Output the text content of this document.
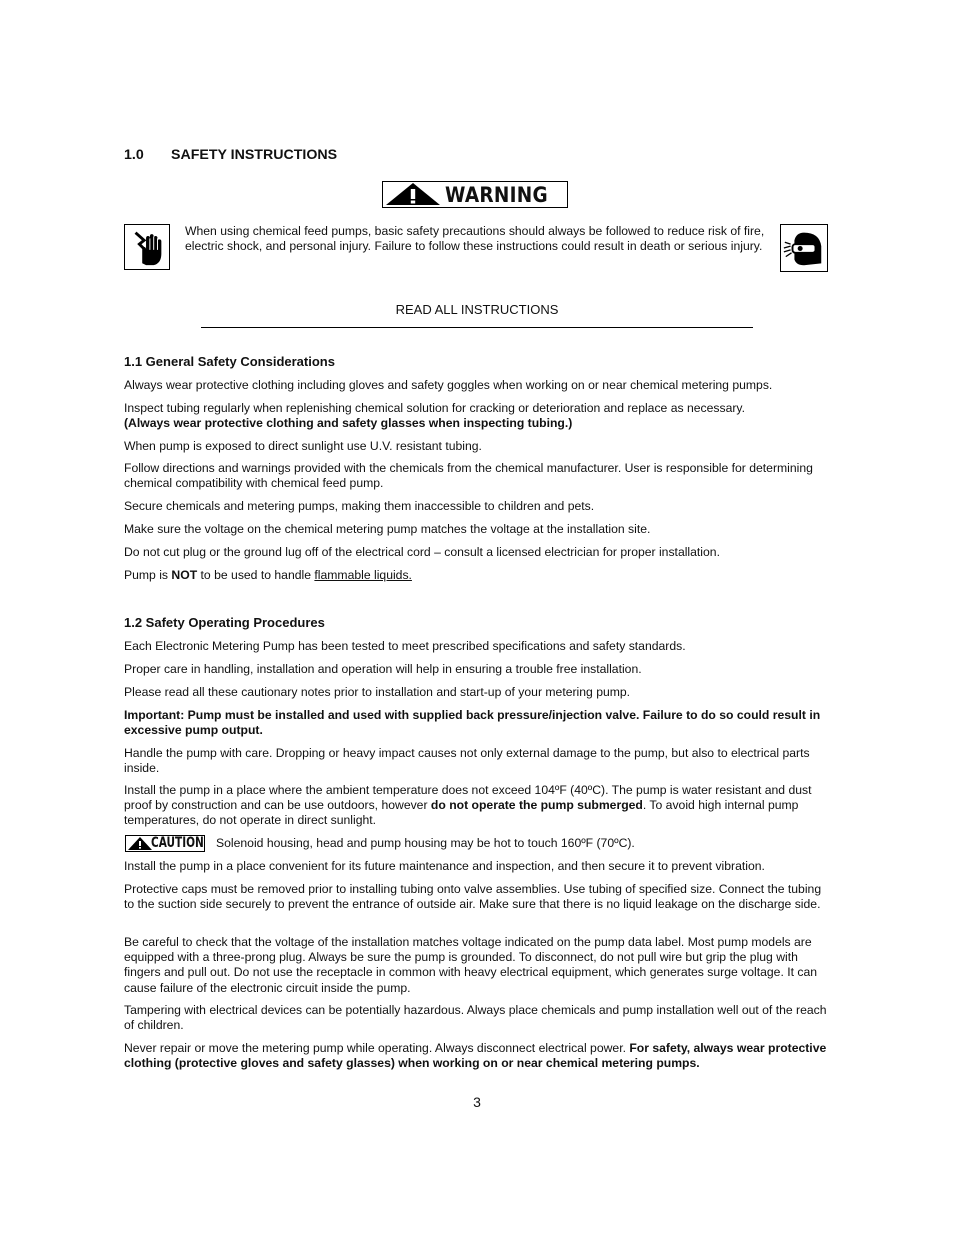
1.0 SAFETY INSTRUCTIONS
WARNING

When using chemical feed pumps, basic safety precautions should always be followed to reduce risk of fire, electric shock, and personal injury. Failure to follow these instructions could result in death or serious injury.

READ ALL INSTRUCTIONS

1.1 General Safety Considerations

Always wear protective clothing including gloves and safety goggles when working on or near chemical metering pumps.

Inspect tubing regularly when replenishing chemical solution for cracking or deterioration and replace as necessary.

(Always wear protective clothing and safety glasses when inspecting tubing.)

When pump is exposed to direct sunlight use U.V. resistant tubing.

Follow directions and warnings provided with the chemicals from the chemical manufacturer. User is responsible for determining chemical compatibility with chemical feed pump.

Secure chemicals and metering pumps, making them inaccessible to children and pets.

Make sure the voltage on the chemical metering pump matches the voltage at the installation site.

Do not cut plug or the ground lug off of the electrical cord – consult a licensed electrician for proper installation.

Pump is NOT to be used to handle flammable liquids.

1.2 Safety Operating Procedures

Each Electronic Metering Pump has been tested to meet prescribed specifications and safety standards.

Proper care in handling, installation and operation will help in ensuring a trouble free installation.

Please read all these cautionary notes prior to installation and start-up of your metering pump.

Important: Pump must be installed and used with supplied back pressure/injection valve. Failure to do so could result in excessive pump output.

Handle the pump with care. Dropping or heavy impact causes not only external damage to the pump, but also to electrical parts inside.

Install the pump in a place where the ambient temperature does not exceed 104ºF (40ºC). The pump is water resistant and dust proof by construction and can be use outdoors, however do not operate the pump submerged. To avoid high internal pump temperatures, do not operate in direct sunlight.

CAUTION Solenoid housing, head and pump housing may be hot to touch 160ºF (70ºC).

Install the pump in a place convenient for its future maintenance and inspection, and then secure it to prevent vibration.

Protective caps must be removed prior to installing tubing onto valve assemblies. Use tubing of specified size. Connect the tubing to the suction side securely to prevent the entrance of outside air. Make sure that there is no liquid leakage on the discharge side.

Be careful to check that the voltage of the installation matches voltage indicated on the pump data label. Most pump models are equipped with a three-prong plug. Always be sure the pump is grounded. To disconnect, do not pull wire but grip the plug with fingers and pull out. Do not use the receptacle in common with heavy electrical equipment, which generates surge voltage. It can cause failure of the electronic circuit inside the pump.

Tampering with electrical devices can be potentially hazardous. Always place chemicals and pump installation well out of the reach of children.

Never repair or move the metering pump while operating. Always disconnect electrical power. For safety, always wear protective clothing (protective gloves and safety glasses) when working on or near chemical metering pumps.

3
